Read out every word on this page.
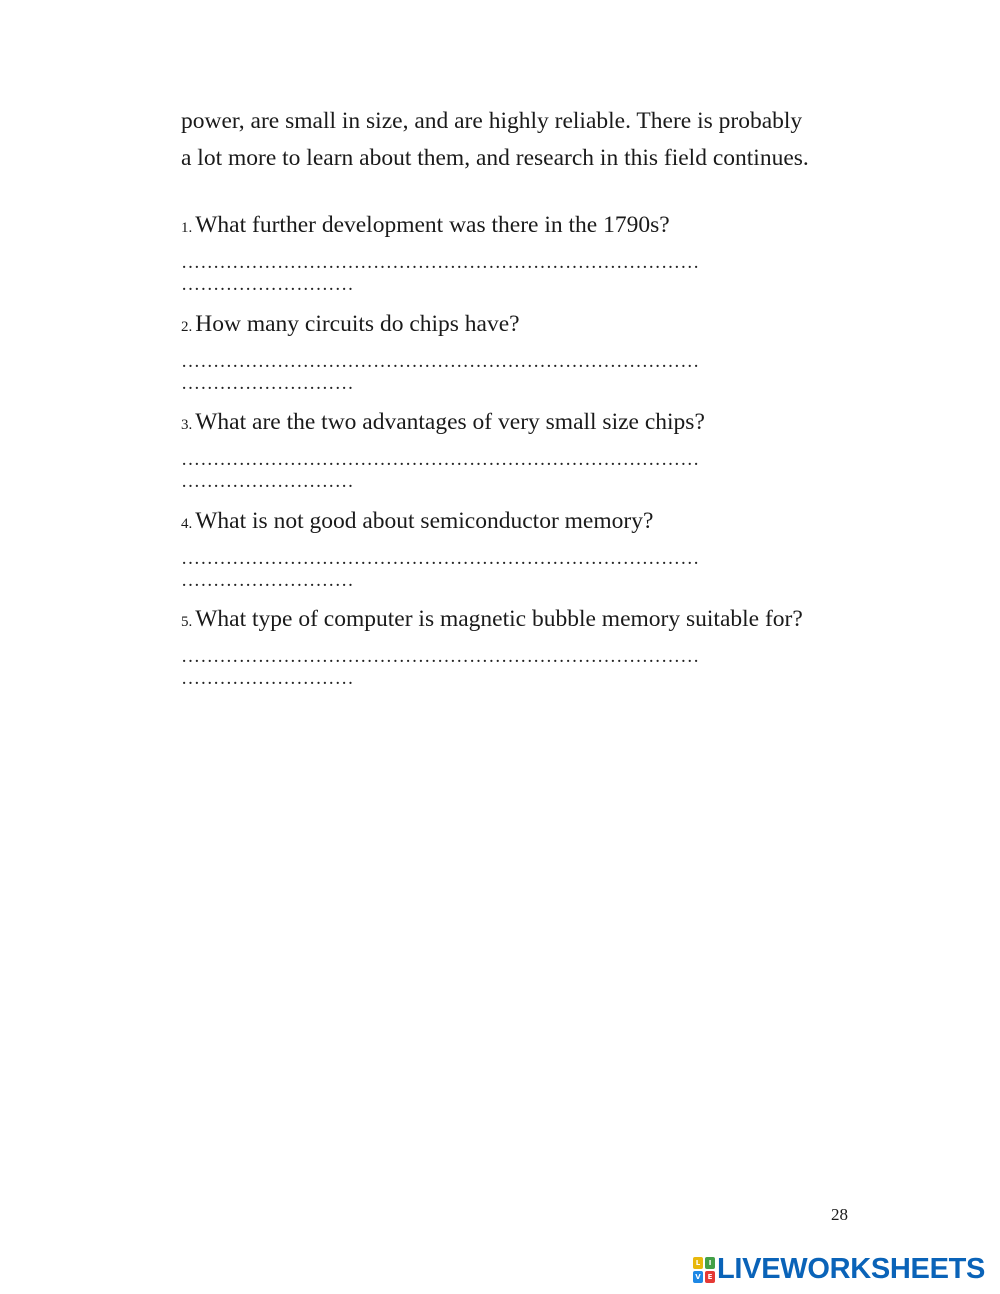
power, are small in size, and are highly reliable. There is probably
a lot more to learn about them, and research in this field continues.

1. What further development was there in the 1790s?
………………………………………………………………………
………………………
2. How many circuits do chips have?
………………………………………………………………………
………………………
3. What are the two advantages of very small size chips?
………………………………………………………………………
………………………
4. What is not good about semiconductor memory?
………………………………………………………………………
………………………
5. What type of computer is magnetic bubble memory suitable for?
………………………………………………………………………
………………………
28
L	I
V E LIVEWORKSHEETS
